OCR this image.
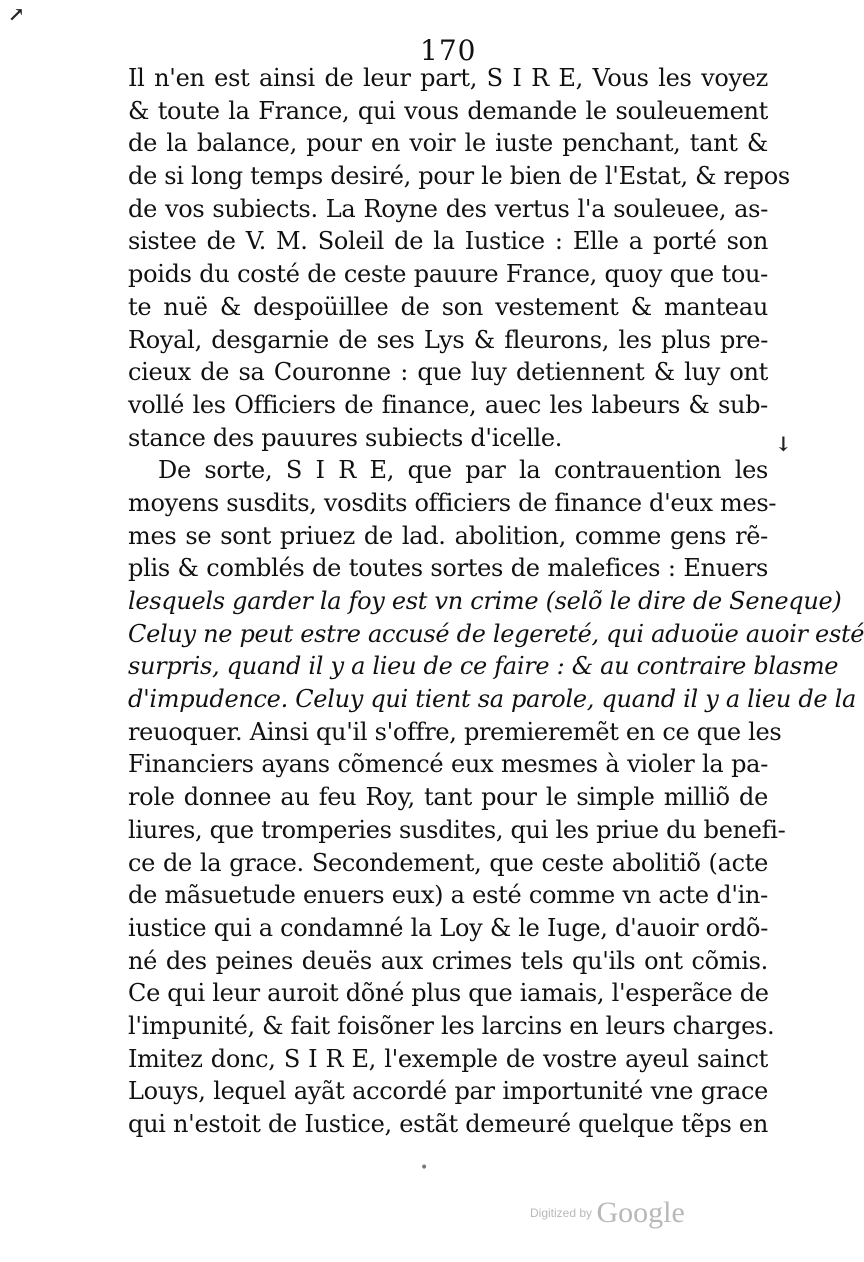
↗
170
Il n'en est ainsi de leur part, S I R E, Vous les voyez
& toute la France, qui vous demande le souleuement
de la balance, pour en voir le iuste penchant, tant &
de si long temps desiré, pour le bien de l'Estat, & repos
de vos subiects. La Royne des vertus l'a souleuee, as-
sistee de V. M. Soleil de la Iustice : Elle a porté son
poids du costé de ceste pauure France, quoy que tou-
te nuë & despoüillee de son vestement & manteau
Royal, desgarnie de ses Lys & fleurons, les plus pre-
cieux de sa Couronne : que luy detiennent & luy ont
vollé les Officiers de finance, auec les labeurs & sub-
stance des pauures subiects d'icelle.
De sorte, S I R E, que par la contrauention les
moyens susdits, vosdits officiers de finance d'eux mes-
mes se sont priuez de lad. abolition, comme gens rẽ-
plis & comblés de toutes sortes de malefices : Enuers
lesquels garder la foy est vn crime (selõ le dire de Seneque)
Celuy ne peut estre accusé de legereté, qui aduoüe auoir esté
surpris, quand il y a lieu de ce faire : & au contraire blasme
d'impudence. Celuy qui tient sa parole, quand il y a lieu de la
reuoquer. Ainsi qu'il s'offre, premieremẽt en ce que les
Financiers ayans cõmencé eux mesmes à violer la pa-
role donnee au feu Roy, tant pour le simple milliõ de
liures, que tromperies susdites, qui les priue du benefi-
ce de la grace. Secondement, que ceste abolitiõ (acte
de mãsuetude enuers eux) a esté comme vn acte d'in-
iustice qui a condamné la Loy & le Iuge, d'auoir ordõ-
né des peines deuës aux crimes tels qu'ils ont cõmis.
Ce qui leur auroit dõné plus que iamais, l'esperãce de
l'impunité, & fait foisõner les larcins en leurs charges.
Imitez donc, S I R E, l'exemple de vostre ayeul sainct
Louys, lequel ayãt accordé par importunité vne grace
qui n'estoit de Iustice, estãt demeuré quelque tẽps en
↓
•
Digitized by Google
